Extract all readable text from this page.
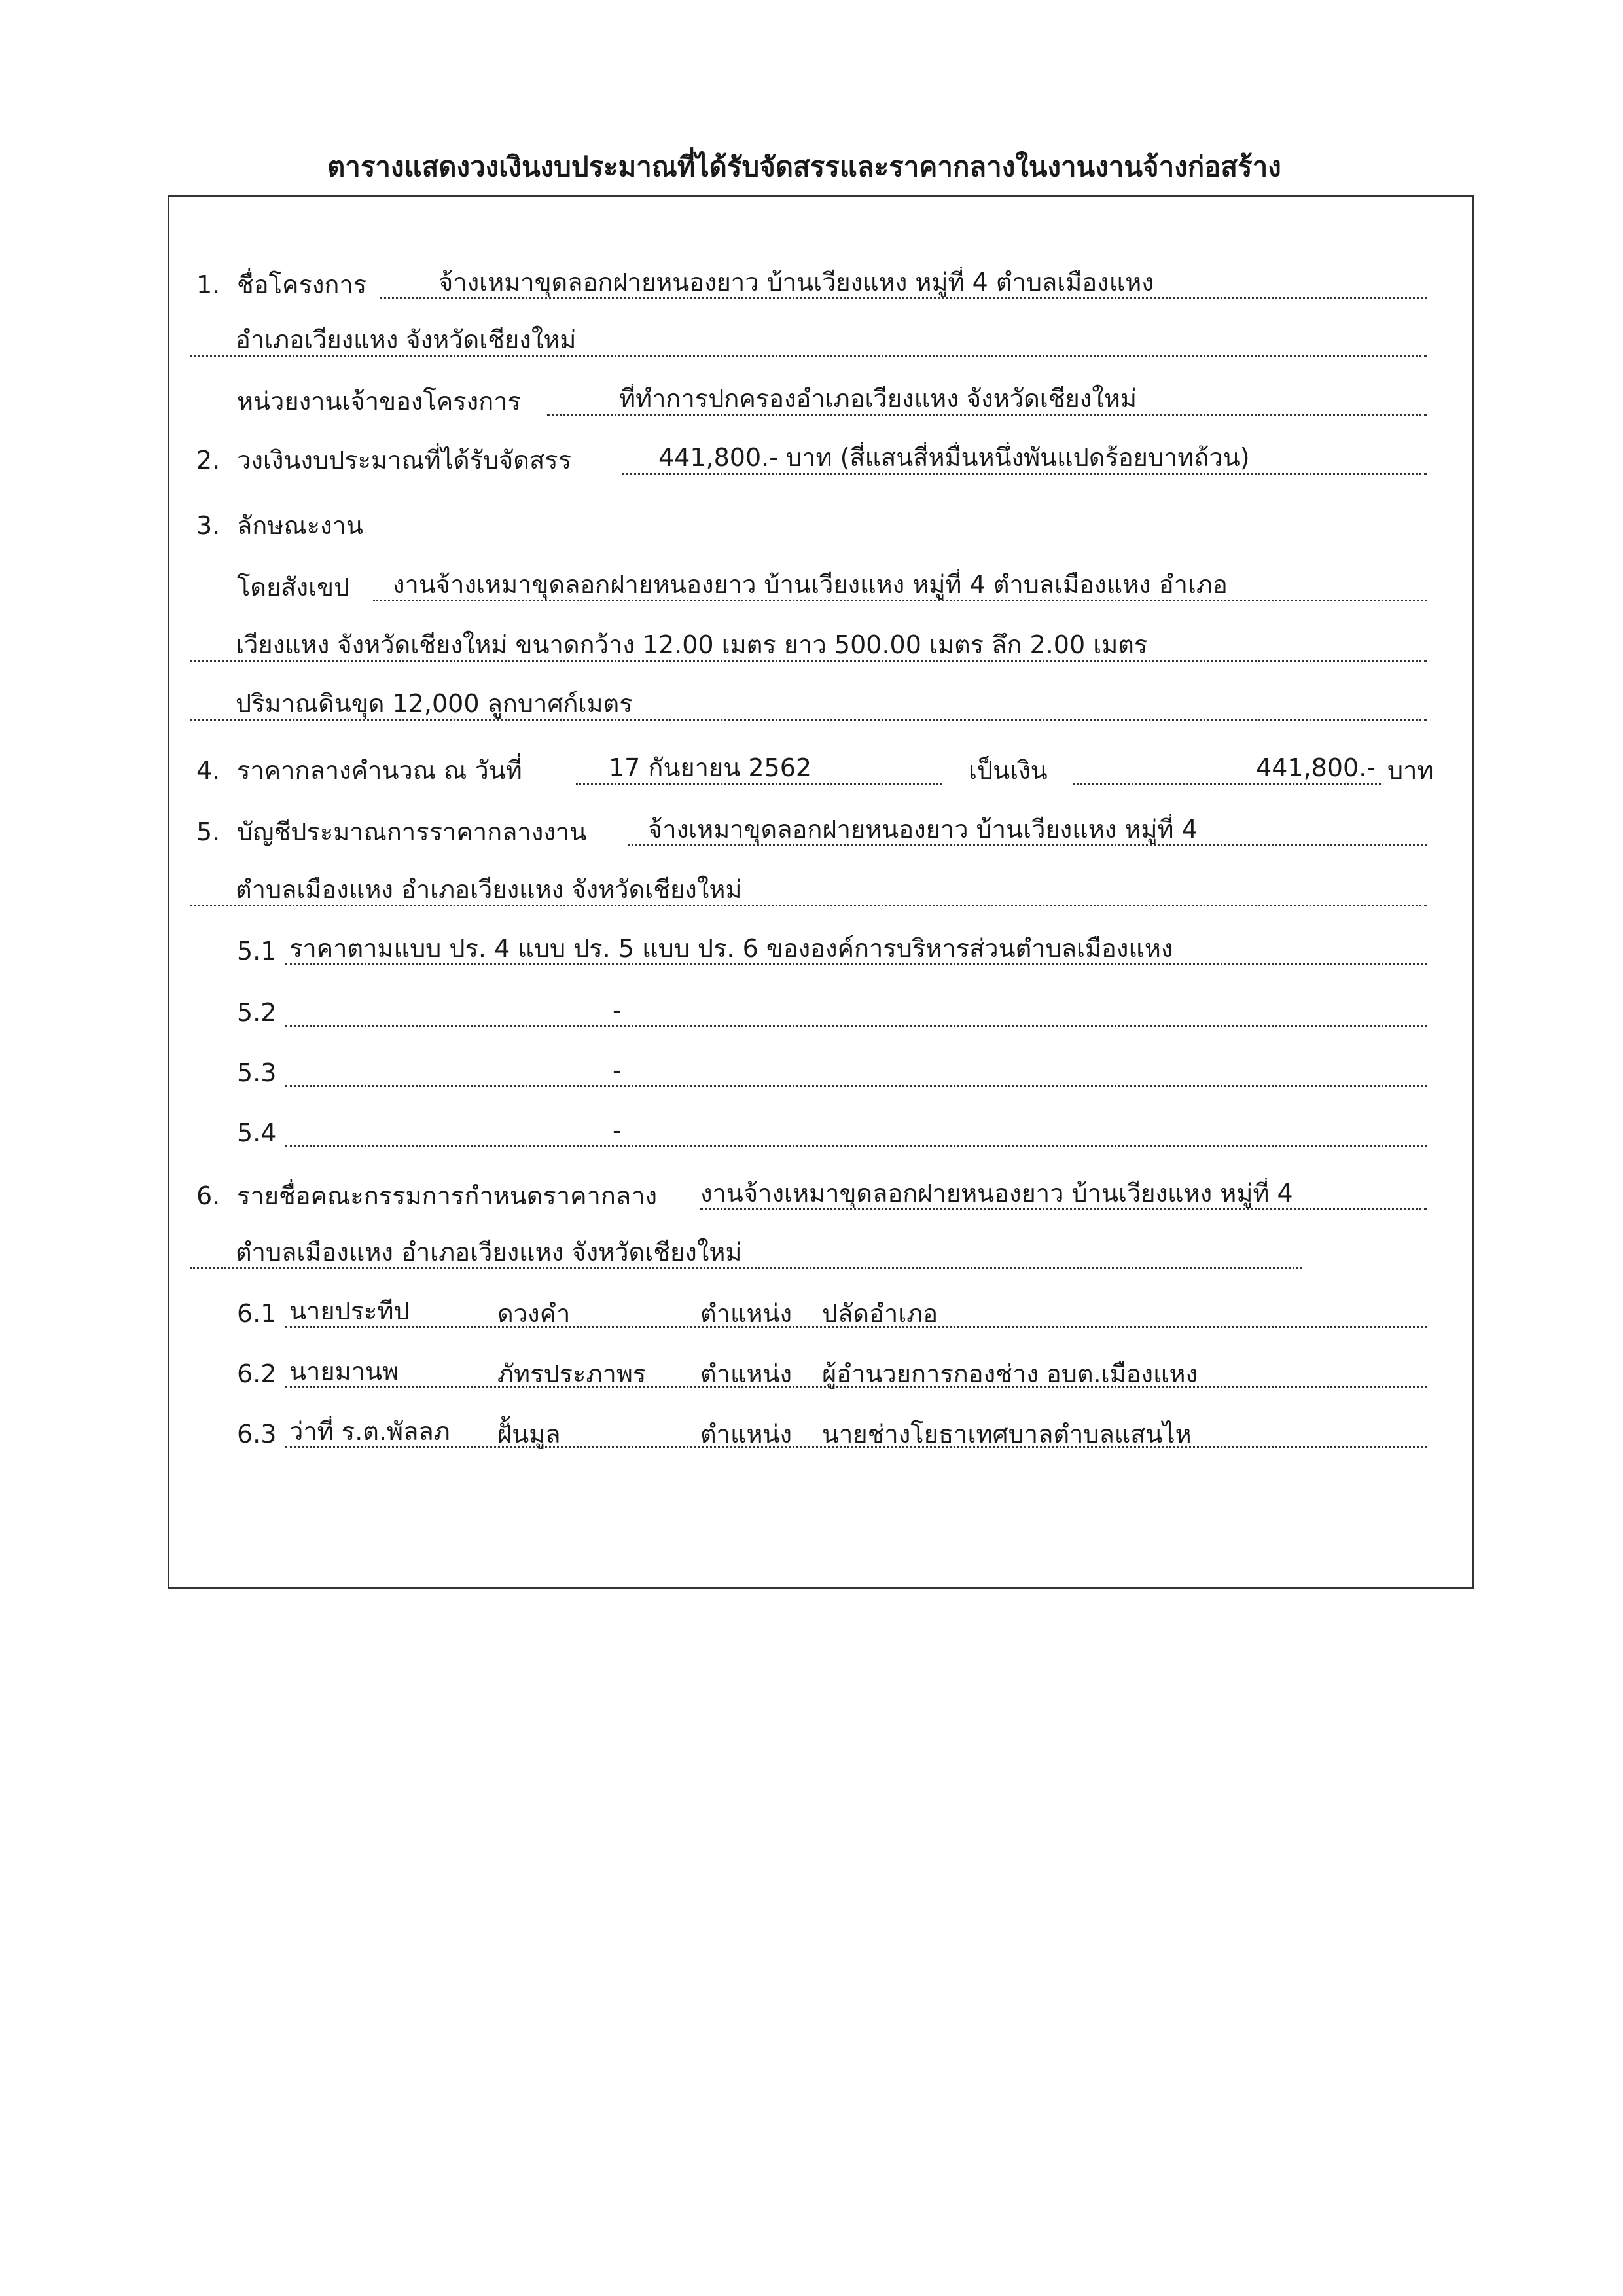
ตารางแสดงวงเงินงบประมาณที่ได้รับจัดสรรและราคากลางในงานงานจ้างก่อสร้าง
1. ชื่อโครงการ	จ้างเหมาขุดลอกฝายหนองยาว บ้านเวียงแหง หมู่ที่ 4 ตำบลเมืองแหง
อำเภอเวียงแหง จังหวัดเชียงใหม่
หน่วยงานเจ้าของโครงการ	ที่ทำการปกครองอำเภอเวียงแหง จังหวัดเชียงใหม่
2. วงเงินงบประมาณที่ได้รับจัดสรร	441,800.- บาท (สี่แสนสี่หมื่นหนึ่งพันแปดร้อยบาทถ้วน)
3. ลักษณะงาน
โดยสังเขป	งานจ้างเหมาขุดลอกฝายหนองยาว บ้านเวียงแหง หมู่ที่ 4 ตำบลเมืองแหง อำเภอ
เวียงแหง จังหวัดเชียงใหม่ ขนาดกว้าง 12.00 เมตร ยาว 500.00 เมตร ลึก 2.00 เมตร
ปริมาณดินขุด 12,000 ลูกบาศก์เมตร
4. ราคากลางคำนวณ ณ วันที่	17 กันยายน 2562	เป็นเงิน	441,800.- บาท
5. บัญชีประมาณการราคากลางงาน	จ้างเหมาขุดลอกฝายหนองยาว บ้านเวียงแหง หมู่ที่ 4
ตำบลเมืองแหง อำเภอเวียงแหง จังหวัดเชียงใหม่
5.1 ราคาตามแบบ ปร. 4 แบบ ปร. 5 แบบ ปร. 6 ขององค์การบริหารส่วนตำบลเมืองแหง
5.2	-
5.3	-
5.4	-
6. รายชื่อคณะกรรมการกำหนดราคากลาง งานจ้างเหมาขุดลอกฝายหนองยาว บ้านเวียงแหง หมู่ที่ 4
ตำบลเมืองแหง อำเภอเวียงแหง จังหวัดเชียงใหม่
6.1 นายประทีป	ดวงคำ	ตำแหน่ง ปลัดอำเภอ
6.2 นายมานพ	ภัทรประภาพร ตำแหน่ง ผู้อำนวยการกองช่าง อบต.เมืองแหง
6.3 ว่าที่ ร.ต.พัลลภ	ฝั้นมูล	ตำแหน่ง นายช่างโยธาเทศบาลตำบลแสนไห
